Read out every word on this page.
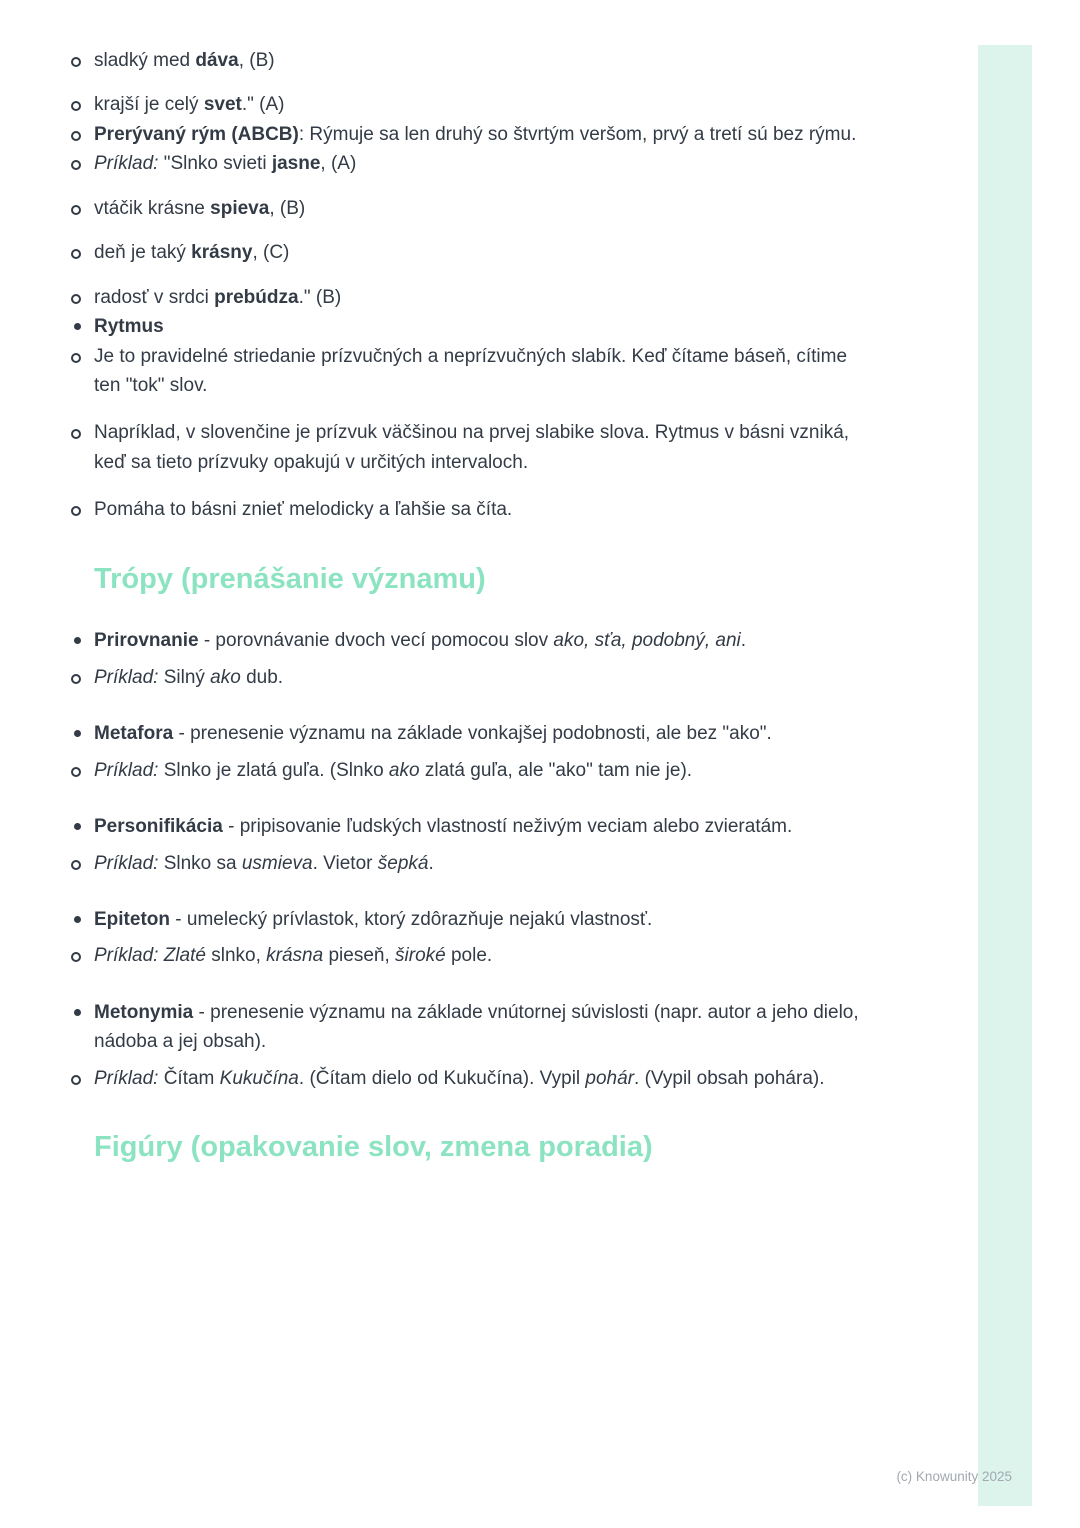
sladký med dáva, (B)
krajší je celý svet." (A)
Prerývaný rým (ABCB): Rýmuje sa len druhý so štvrtým veršom, prvý a tretí sú bez rýmu.
Príklad: "Slnko svieti jasne, (A)
vtáčik krásne spieva, (B)
deň je taký krásny, (C)
radosť v srdci prebúdza." (B)
Rytmus
Je to pravidelné striedanie prízvučných a neprízvučných slabík. Keď čítame báseň, cítime ten "tok" slov.
Napríklad, v slovenčine je prízvuk väčšinou na prvej slabike slova. Rytmus v básni vzniká, keď sa tieto prízvuky opakujú v určitých intervaloch.
Pomáha to básni znieť melodicky a ľahšie sa číta.
Trópy (prenášanie významu)
Prirovnanie - porovnávanie dvoch vecí pomocou slov ako, sťa, podobný, ani.
Príklad: Silný ako dub.
Metafora - prenesenie významu na základe vonkajšej podobnosti, ale bez "ako".
Príklad: Slnko je zlatá guľa. (Slnko ako zlatá guľa, ale "ako" tam nie je).
Personifikácia - pripisovanie ľudských vlastností neživým veciam alebo zvieratám.
Príklad: Slnko sa usmieva. Vietor šepká.
Epiteton - umelecký prívlastok, ktorý zdôrazňuje nejakú vlastnosť.
Príklad: Zlaté slnko, krásna pieseň, široké pole.
Metonymia - prenesenie významu na základe vnútornej súvislosti (napr. autor a jeho dielo, nádoba a jej obsah).
Príklad: Čítam Kukučína. (Čítam dielo od Kukučína). Vypil pohár. (Vypil obsah pohára).
Figúry (opakovanie slov, zmena poradia)
(c) Knowunity 2025
